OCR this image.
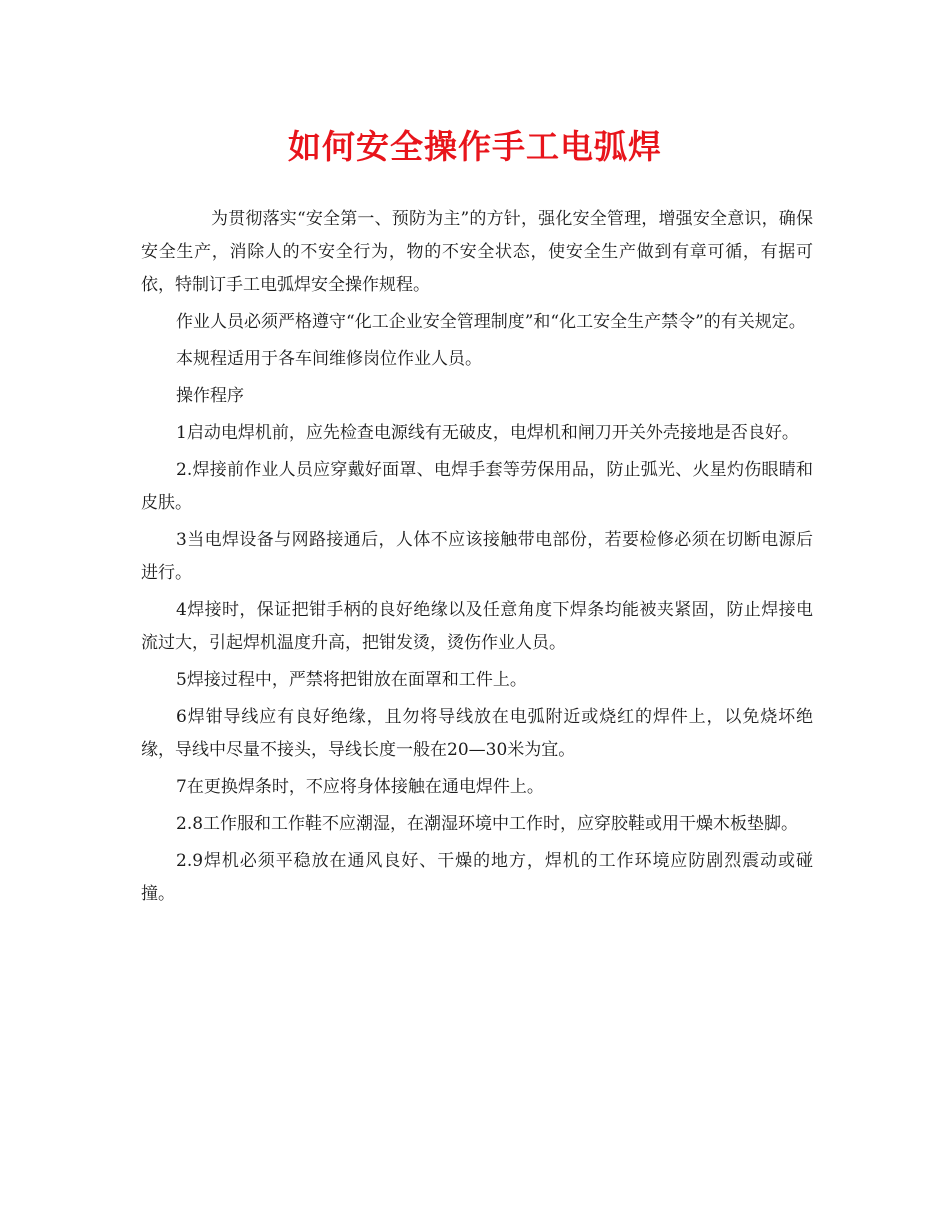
如何安全操作手工电弧焊

为贯彻落实“安全第一、预防为主”的方针，强化安全管理，增强安全意识，确保安全生产，消除人的不安全行为，物的不安全状态，使安全生产做到有章可循，有据可依，特制订手工电弧焊安全操作规程。

作业人员必须严格遵守“化工企业安全管理制度”和“化工安全生产禁令”的有关规定。

本规程适用于各车间维修岗位作业人员。

操作程序

1启动电焊机前，应先检查电源线有无破皮，电焊机和闸刀开关外壳接地是否良好。

2.焊接前作业人员应穿戴好面罩、电焊手套等劳保用品，防止弧光、火星灼伤眼睛和皮肤。

3当电焊设备与网路接通后，人体不应该接触带电部份，若要检修必须在切断电源后进行。

4焊接时，保证把钳手柄的良好绝缘以及任意角度下焊条均能被夹紧固，防止焊接电流过大，引起焊机温度升高，把钳发烫，烫伤作业人员。

5焊接过程中，严禁将把钳放在面罩和工件上。

6焊钳导线应有良好绝缘，且勿将导线放在电弧附近或烧红的焊件上，以免烧坏绝缘，导线中尽量不接头，导线长度一般在20—30米为宜。

7在更换焊条时，不应将身体接触在通电焊件上。

2.8工作服和工作鞋不应潮湿，在潮湿环境中工作时，应穿胶鞋或用干燥木板垫脚。

2.9焊机必须平稳放在通风良好、干燥的地方，焊机的工作环境应防剧烈震动或碰撞。
